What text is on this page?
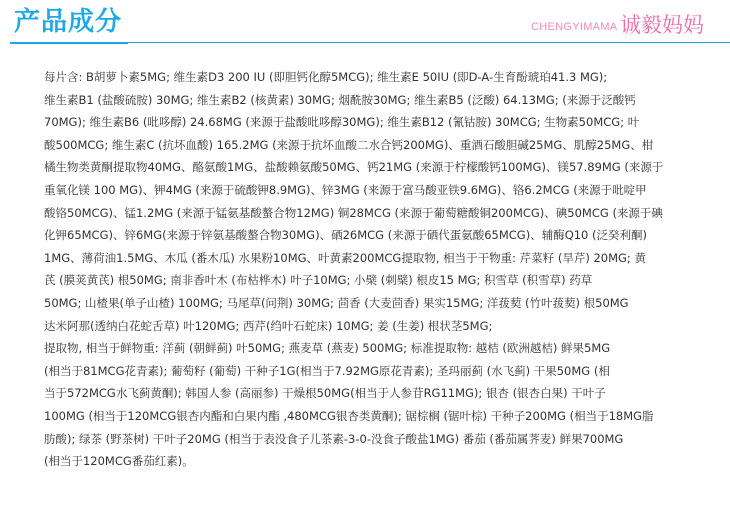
产品成分	CHENGYIMAMA 诚毅妈妈
每片含: B胡萝卜素5MG; 维生素D3 200 IU (即胆钙化醇5MCG); 维生素E 50IU (即D-A-生育酚琥珀41.3 MG);
维生素B1 (盐酸硫胺) 30MG; 维生素B2 (核黄素) 30MG; 烟酰胺30MG; 维生素B5 (泛酸) 64.13MG; (来源于泛酸钙
70MG); 维生素B6 (吡哆醇) 24.68MG (来源于盐酸吡哆醇30MG); 维生素B12 (氰钴胺) 30MCG; 生物素50MCG; 叶
酸500MCG; 维生素C (抗坏血酸) 165.2MG (来源于抗坏血酸二水合钙200MG)、重酒石酸胆碱25MG、肌醇25MG、柑
橘生物类黄酮提取物40MG、酪氨酸1MG、盐酸赖氨酸50MG、钙21MG (来源于柠檬酸钙100MG)、镁57.89MG (来源于
重氧化镁 100 MG)、钾4MG (来源于硫酸钾8.9MG)、锌3MG (来源于富马酸亚铁9.6MG)、铬6.2MCG (来源于吡啶甲
酸铬50MCG)、锰1.2MG (来源于锰氨基酸螯合物12MG) 铜28MCG (来源于葡萄糖酸铜200MCG)、碘50MCG (来源于碘
化钾65MCG)、锌6MG(来源于锌氨基酸螯合物30MG)、硒26MCG (来源于硒代蛋氨酸65MCG)、辅酶Q10 (泛癸利酮)
1MG、薄荷油1.5MG、木瓜 (番木瓜) 水果粉10MG、叶黄素200MCG提取物, 相当于干物重: 芹菜籽 (旱芹) 20MG; 黄
芪 (膜荚黄芪) 根50MG; 南非香叶木 (布枯桦木) 叶子10MG; 小檗 (刺檗) 根皮15 MG; 积雪草 (积雪草) 药草
50MG; 山楂果(单子山楂) 100MG; 马尾草(问荆) 30MG; 茴香 (大麦茴香) 果实15MG; 洋菝葜 (竹叶菝葜) 根50MG
达米阿那(透纳白花蛇舌草) 叶120MG; 西芹(绉叶石蛇床) 10MG; 姜 (生姜) 根状茎5MG;
提取物, 相当于鲜物重: 洋蓟 (朝鲜蓟) 叶50MG; 燕麦草 (燕麦) 500MG; 标准提取物: 越桔 (欧洲越桔) 鲜果5MG
(相当于81MCG花青素); 葡萄籽 (葡萄) 干种子1G(相当于7.92MG原花青素); 圣玛丽蓟 (水飞蓟) 干果50MG (相
当于572MCG水飞蓟黄酮); 韩国人参 (高丽参) 干燥根50MG(相当于人参苷RG11MG); 银杏 (银杏白果) 干叶子
100MG (相当于120MCG银杏内酯和白果内酯 ,480MCG银杏类黄酮); 锯棕榈 (锯叶棕) 干种子200MG (相当于18MG脂
肪酸); 绿茶 (野茶树) 干叶子20MG (相当于表没食子儿茶素-3-0-没食子酸盐1MG) 番茄 (番茄属荠麦) 鲜果700MG
(相当于120MCG番茄红素)。
